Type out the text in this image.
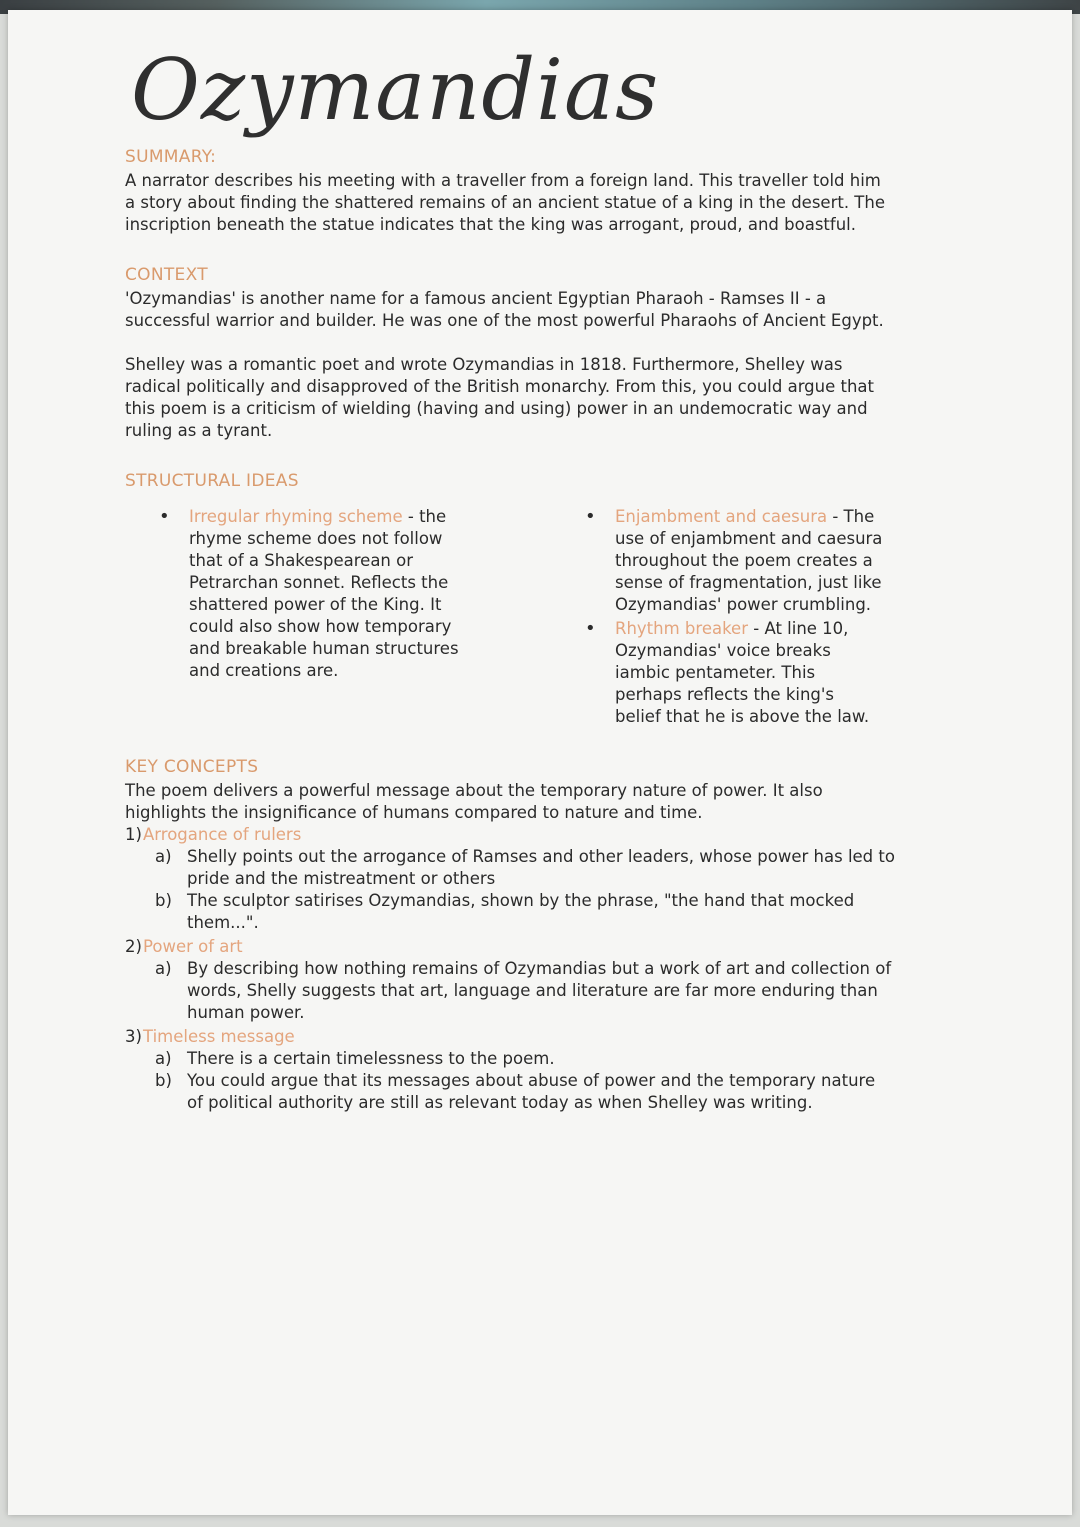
Ozymandias
SUMMARY:
A narrator describes his meeting with a traveller from a foreign land. This traveller told him a story about finding the shattered remains of an ancient statue of a king in the desert. The inscription beneath the statue indicates that the king was arrogant, proud, and boastful.
CONTEXT
'Ozymandias' is another name for a famous ancient Egyptian Pharaoh - Ramses II - a successful warrior and builder. He was one of the most powerful Pharaohs of Ancient Egypt.
Shelley was a romantic poet and wrote Ozymandias in 1818. Furthermore, Shelley was radical politically and disapproved of the British monarchy. From this, you could argue that this poem is a criticism of wielding (having and using) power in an undemocratic way and ruling as a tyrant.
STRUCTURAL IDEAS
• Irregular rhyming scheme - the rhyme scheme does not follow that of a Shakespearean or Petrarchan sonnet. Reflects the shattered power of the King. It could also show how temporary and breakable human structures and creations are.
• Enjambment and caesura - The use of enjambment and caesura throughout the poem creates a sense of fragmentation, just like Ozymandias' power crumbling.
• Rhythm breaker - At line 10, Ozymandias' voice breaks iambic pentameter. This perhaps reflects the king's belief that he is above the law.
KEY CONCEPTS
The poem delivers a powerful message about the temporary nature of power. It also highlights the insignificance of humans compared to nature and time.
1)Arrogance of rulers
a) Shelly points out the arrogance of Ramses and other leaders, whose power has led to pride and the mistreatment or others
b) The sculptor satirises Ozymandias, shown by the phrase, "the hand that mocked them...".
2)Power of art
a) By describing how nothing remains of Ozymandias but a work of art and collection of words, Shelly suggests that art, language and literature are far more enduring than human power.
3)Timeless message
a) There is a certain timelessness to the poem.
b) You could argue that its messages about abuse of power and the temporary nature of political authority are still as relevant today as when Shelley was writing.
